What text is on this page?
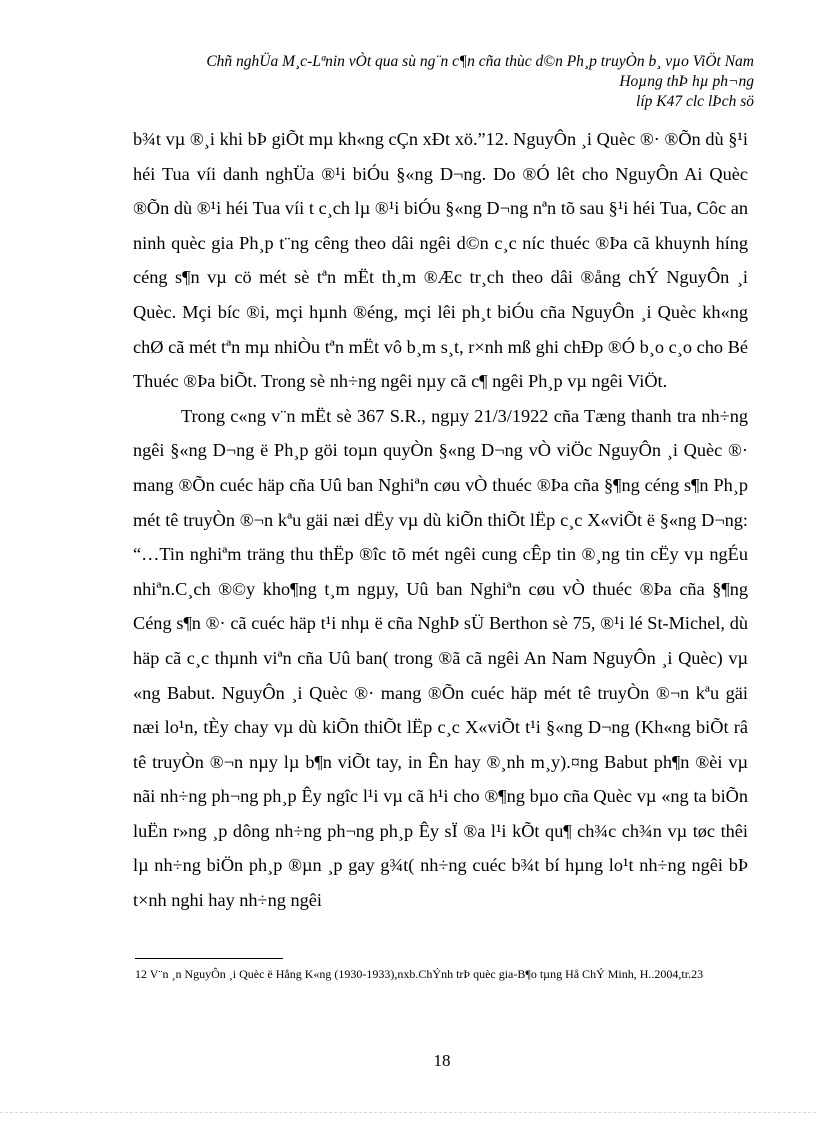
Chñ nghÜa M¸c-Lªnin vÒt qua sù ng¨n c¶n cña thùc d©n Ph¸p truyÒn b¸ vµo ViÖt Nam
Hoµng thÞ hµ ph¬ng
líp K47 clc lÞch sö

b¾t vµ ®¸i khi bÞ giÕt mµ kh«ng cÇn xÐt xö.”12. NguyÔn ¸i Quèc ®· ®Õn dù §¹i héi Tua víi danh nghÜa ®¹i biÓu §«ng D¬ng. Do ®Ó lêt cho NguyÔn Ai Quèc ®Õn dù ®¹i héi Tua víi t c¸ch lµ ®¹i biÓu §«ng D¬ng nªn tõ sau §¹i héi Tua, Côc an ninh quèc gia Ph¸p t¨ng cêng theo dâi ngêi d©n c¸c níc thuéc ®Þa cã khuynh híng céng s¶n vµ cö mét sè tªn mËt th¸m ®Æc tr¸ch theo dâi ®ång chÝ NguyÔn ¸i Quèc. Mçi bíc ®i, mçi hµnh ®éng, mçi lêi ph¸t biÓu cña NguyÔn ¸i Quèc kh«ng chØ cã mét tªn mµ nhiÒu tªn mËt vô b¸m s¸t, r×nh mß ghi chÐp ®Ó b¸o c¸o cho Bé Thuéc ®Þa biÕt. Trong sè nh÷ng ngêi nµy cã c¶ ngêi Ph¸p vµ ngêi ViÖt.

Trong c«ng v¨n mËt sè 367 S.R., ngµy 21/3/1922 cña Tæng thanh tra nh÷ng ngêi §«ng D¬ng ë Ph¸p göi toµn quyÒn §«ng D¬ng vÒ viÖc NguyÔn ¸i Quèc ®· mang ®Õn cuéc häp cña Uû ban Nghiªn cøu vÒ thuéc ®Þa cña §¶ng céng s¶n Ph¸p mét tê truyÒn ®¬n kªu gäi næi dËy vµ dù kiÕn thiÕt lËp c¸c X«viÕt ë §«ng D¬ng: “…Tin nghiªm träng thu thËp ®îc tõ mét ngêi cung cÊp tin ®¸ng tin cËy vµ ngÉu nhiªn.C¸ch ®©y kho¶ng t¸m ngµy, Uû ban Nghiªn cøu vÒ thuéc ®Þa cña §¶ng Céng s¶n ®· cã cuéc häp t¹i nhµ ë cña NghÞ sÜ Berthon sè 75, ®¹i lé St-Michel, dù häp cã c¸c thµnh viªn cña Uû ban( trong ®ã cã ngêi An Nam NguyÔn ¸i Quèc) vµ «ng Babut. NguyÔn ¸i Quèc ®· mang ®Õn cuéc häp mét tê truyÒn ®¬n kªu gäi næi lo¹n, tÈy chay vµ dù kiÕn thiÕt lËp c¸c X«viÕt t¹i §«ng D¬ng (Kh«ng biÕt râ tê truyÒn ®¬n nµy lµ b¶n viÕt tay, in Ên hay ®¸nh m¸y).¤ng Babut ph¶n ®èi vµ nãi nh÷ng ph¬ng ph¸p Êy ngîc l¹i vµ cã h¹i cho ®¶ng bµo cña Quèc vµ «ng ta biÕn luËn r»ng ¸p dông nh÷ng ph¬ng ph¸p Êy sÏ ®a l¹i kÕt qu¶ ch¾c ch¾n vµ tøc thêi lµ nh÷ng biÖn ph¸p ®µn ¸p gay g¾t( nh÷ng cuéc b¾t bí hµng lo¹t nh÷ng ngêi bÞ t×nh nghi hay nh÷ng ngêi

12 V¨n ¸n NguyÔn ¸i Quèc ë Hång K«ng (1930-1933),nxb.ChÝnh trÞ quèc gia-B¶o tµng Hå ChÝ Minh, H..2004,tr.23
18
